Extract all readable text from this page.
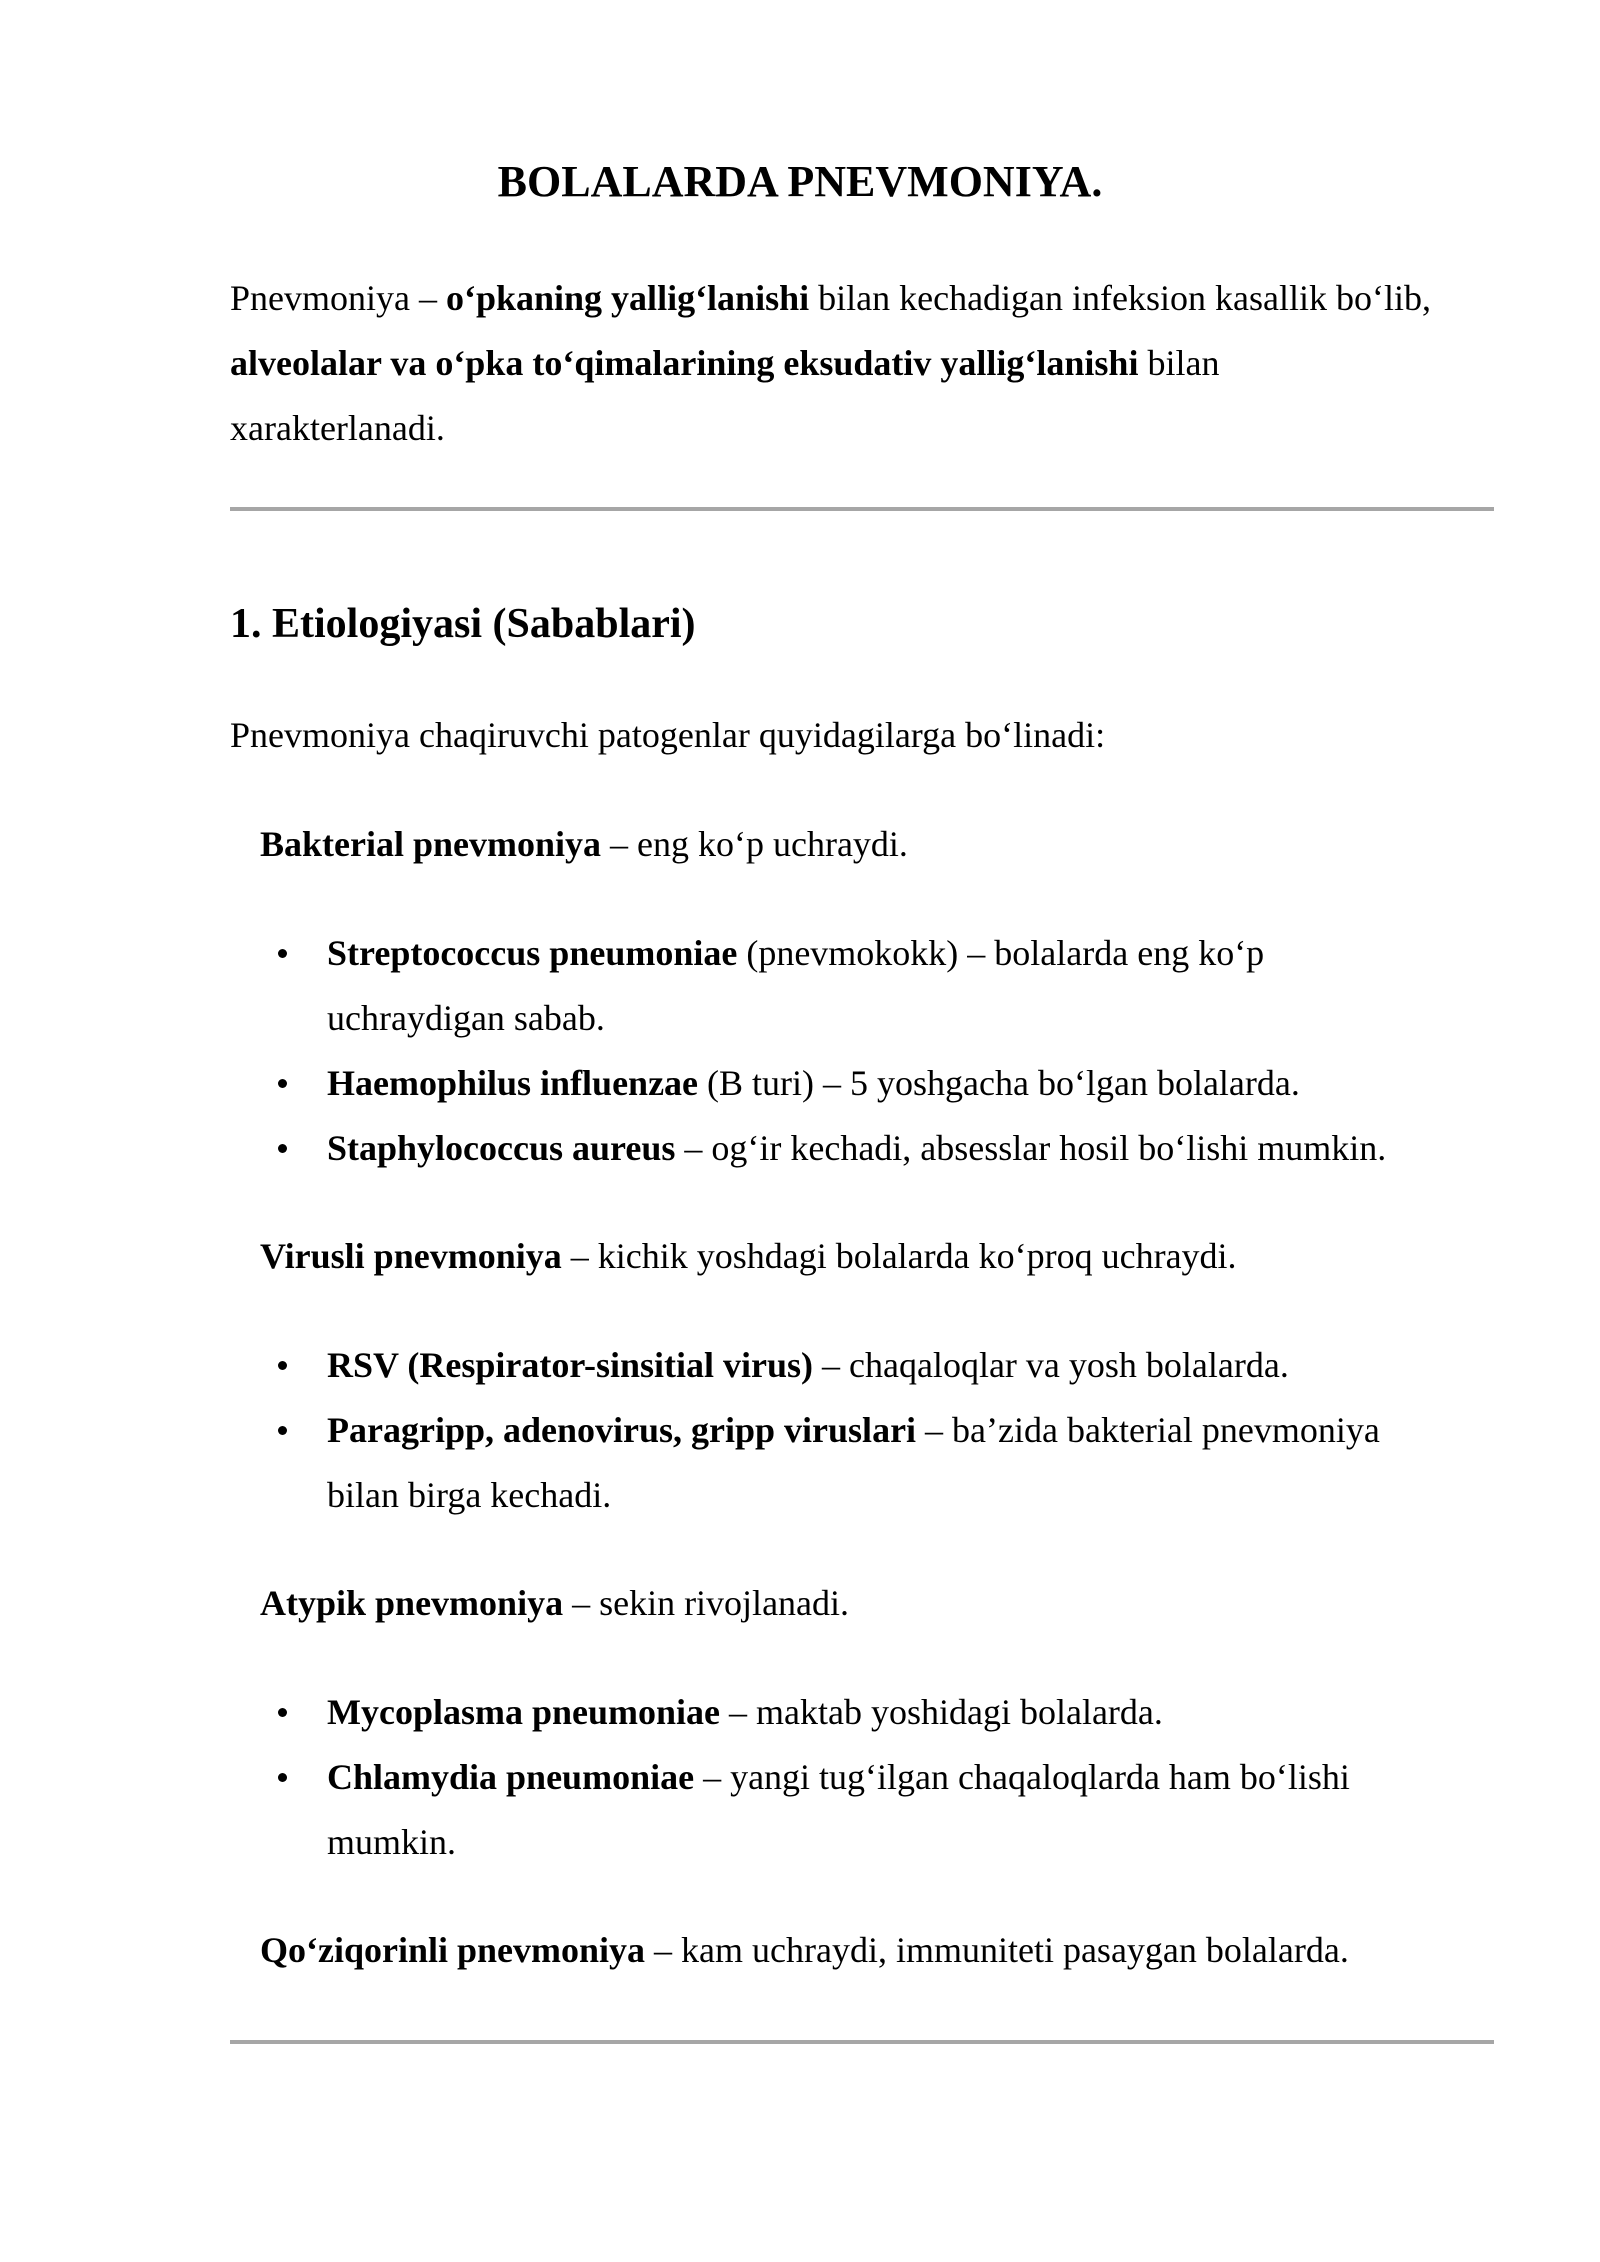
BOLALARDA PNEVMONIYA.

Pnevmoniya – o‘pkaning yallig‘lanishi bilan kechadigan infeksion kasallik bo‘lib,
alveolalar va o‘pka to‘qimalarining eksudativ yallig‘lanishi bilan
xarakterlanadi.

1. Etiologiyasi (Sabablari)

Pnevmoniya chaqiruvchi patogenlar quyidagilarga bo‘linadi:

Bakterial pnevmoniya – eng ko‘p uchraydi.

Streptococcus pneumoniae (pnevmokokk) – bolalarda eng ko‘p
uchraydigan sabab.
Haemophilus influenzae (B turi) – 5 yoshgacha bo‘lgan bolalarda.
Staphylococcus aureus – og‘ir kechadi, absesslar hosil bo‘lishi mumkin.

Virusli pnevmoniya – kichik yoshdagi bolalarda ko‘proq uchraydi.

RSV (Respirator-sinsitial virus) – chaqaloqlar va yosh bolalarda.
Paragripp, adenovirus, gripp viruslari – ba’zida bakterial pnevmoniya
bilan birga kechadi.

Atypik pnevmoniya – sekin rivojlanadi.

Mycoplasma pneumoniae – maktab yoshidagi bolalarda.
Chlamydia pneumoniae – yangi tug‘ilgan chaqaloqlarda ham bo‘lishi
mumkin.

Qo‘ziqorinli pnevmoniya – kam uchraydi, immuniteti pasaygan bolalarda.
